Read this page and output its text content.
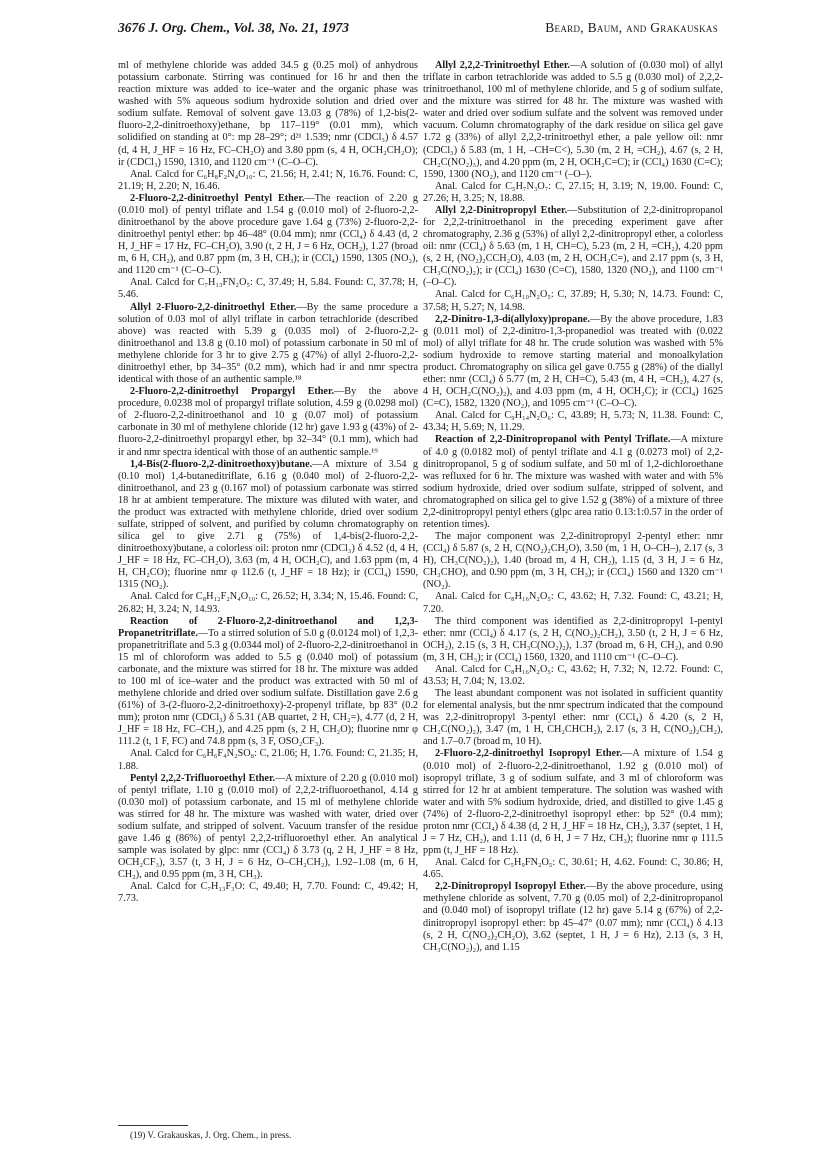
3676 J. Org. Chem., Vol. 38, No. 21, 1973	Beard, Baum, and Grakauskas

ml of methylene chloride was added 34.5 g (0.25 mol) of anhydrous potassium carbonate. Stirring was continued for 16 hr and then the reaction mixture was added to ice–water and the organic phase was washed with 5% aqueous sodium hydroxide solution and dried over sodium sulfate. Removal of solvent gave 13.03 g (78%) of 1,2-bis(2-fluoro-2,2-dinitroethoxy)ethane, bp 117–119° (0.01 mm), which solidified on standing at 0°: mp 28–29°; d²¹ 1.539; nmr (CDCl₃) δ 4.57 (d, 4 H, J_HF = 16 Hz, FC–CH₂O) and 3.80 ppm (s, 4 H, OCH₂CH₂O); ir (CDCl₃) 1590, 1310, and 1120 cm⁻¹ (C–O–C).

Anal. Calcd for C₆H₈F₂N₄O₁₀: C, 21.56; H, 2.41; N, 16.76. Found: C, 21.19; H, 2.20; N, 16.46.

2-Fluoro-2,2-dinitroethyl Pentyl Ether.—The reaction of 2.20 g (0.010 mol) of pentyl triflate and 1.54 g (0.010 mol) of 2-fluoro-2,2-dinitroethanol by the above procedure gave 1.64 g (73%) 2-fluoro-2,2-dinitroethyl pentyl ether: bp 46–48° (0.04 mm); nmr (CCl₄) δ 4.43 (d, 2 H, J_HF = 17 Hz, FC–CH₂O), 3.90 (t, 2 H, J = 6 Hz, OCH₂), 1.27 (broad m, 6 H, CH₂), and 0.87 ppm (m, 3 H, CH₃); ir (CCl₄) 1590, 1305 (NO₂), and 1120 cm⁻¹ (C–O–C).

Anal. Calcd for C₇H₁₃FN₂O₅: C, 37.49; H, 5.84. Found: C, 37.78; H, 5.46.

Allyl 2-Fluoro-2,2-dinitroethyl Ether.—By the same procedure a solution of 0.03 mol of allyl triflate in carbon tetrachloride (described above) was reacted with 5.39 g (0.035 mol) of 2-fluoro-2,2-dinitroethanol and 13.8 g (0.10 mol) of potassium carbonate in 50 ml of methylene chloride for 3 hr to give 2.75 g (47%) of allyl 2-fluoro-2,2-dinitroethyl ether, bp 34–35° (0.2 mm), which had ir and nmr spectra identical with those of an authentic sample.¹⁸

2-Fluoro-2,2-dinitroethyl Propargyl Ether.—By the above procedure, 0.0238 mol of propargyl triflate solution, 4.59 g (0.0298 mol) of 2-fluoro-2,2-dinitroethanol and 10 g (0.07 mol) of potassium carbonate in 30 ml of methylene chloride (12 hr) gave 1.93 g (43%) of 2-fluoro-2,2-dinitroethyl propargyl ether, bp 32–34° (0.1 mm), which had ir and nmr spectra identical with those of an authentic sample.¹⁹

1,4-Bis(2-fluoro-2,2-dinitroethoxy)butane.—A mixture of 3.54 g (0.10 mol) 1,4-butaneditriflate, 6.16 g (0.040 mol) of 2-fluoro-2,2-dinitroethanol, and 23 g (0.167 mol) of potassium carbonate was stirred 18 hr at ambient temperature. The mixture was diluted with water, and the product was extracted with methylene chloride, dried over sodium sulfate, stripped of solvent, and purified by column chromatography on silica gel to give 2.71 g (75%) of 1,4-bis(2-fluoro-2,2-dinitroethoxy)butane, a colorless oil: proton nmr (CDCl₃) δ 4.52 (d, 4 H, J_HF = 18 Hz, FC–CH₂O), 3.63 (m, 4 H, OCH₂C), and 1.63 ppm (m, 4 H, CH₂CO); fluorine nmr φ 112.6 (t, J_HF = 18 Hz); ir (CCl₄) 1590, 1315 (NO₂).

Anal. Calcd for C₈H₁₂F₂N₄O₁₀: C, 26.52; H, 3.34; N, 15.46. Found: C, 26.82; H, 3.24; N, 14.93.

Reaction of 2-Fluoro-2,2-dinitroethanol and 1,2,3-Propanetritriflate.—To a stirred solution of 5.0 g (0.0124 mol) of 1,2,3-propanetritriflate and 5.3 g (0.0344 mol) of 2-fluoro-2,2-dinitroethanol in 15 ml of chloroform was added to 5.5 g (0.040 mol) of potassium carbonate, and the mixture was stirred for 18 hr. The mixture was added to 100 ml of ice–water and the product was extracted with 50 ml of methylene chloride and dried over sodium sulfate. Distillation gave 2.6 g (61%) of 3-(2-fluoro-2,2-dinitroethoxy)-2-propenyl triflate, bp 83° (0.2 mm); proton nmr (CDCl₃) δ 5.31 (AB quartet, 2 H, CH₂=), 4.77 (d, 2 H, J_HF = 18 Hz, FC–CH₂), and 4.25 ppm (s, 2 H, CH₂O); fluorine nmr φ 111.2 (t, 1 F, FC) and 74.8 ppm (s, 3 F, OSO₂CF₃).

Anal. Calcd for C₆H₆F₄N₂SO₈: C, 21.06; H, 1.76. Found: C, 21.35; H, 1.88.

Pentyl 2,2,2-Trifluoroethyl Ether.—A mixture of 2.20 g (0.010 mol) of pentyl triflate, 1.10 g (0.010 mol) of 2,2,2-trifluoroethanol, 4.14 g (0.030 mol) of potassium carbonate, and 15 ml of methylene chloride was stirred for 48 hr. The mixture was washed with water, dried over sodium sulfate, and stripped of solvent. Vacuum transfer of the residue gave 1.46 g (86%) of pentyl 2,2,2-trifluoroethyl ether. An analytical sample was isolated by glpc: nmr (CCl₄) δ 3.73 (q, 2 H, J_HF = 8 Hz, OCH₂CF₃), 3.57 (t, 3 H, J = 6 Hz, O–CH₂CH₂), 1.92–1.08 (m, 6 H, CH₂), and 0.95 ppm (m, 3 H, CH₃).

Anal. Calcd for C₇H₁₃F₃O: C, 49.40; H, 7.70. Found: C, 49.42; H, 7.73.

Allyl 2,2,2-Trinitroethyl Ether.—A solution of (0.030 mol) of allyl triflate in carbon tetrachloride was added to 5.5 g (0.030 mol) of 2,2,2-trinitroethanol, 100 ml of methylene chloride, and 5 g of sodium sulfate, and the mixture was stirred for 48 hr. The mixture was washed with water and dried over sodium sulfate and the solvent was removed under vacuum. Column chromatography of the dark residue on silica gel gave 1.72 g (33%) of allyl 2,2,2-trinitroethyl ether, a pale yellow oil: nmr (CDCl₃) δ 5.83 (m, 1 H, –CH=C<), 5.30 (m, 2 H, =CH₂), 4.67 (s, 2 H, CH₂C(NO₂)₃), and 4.20 ppm (m, 2 H, OCH₂C=C); ir (CCl₄) 1630 (C=C); 1590, 1300 (NO₂), and 1120 cm⁻¹ (–O–).

Anal. Calcd for C₅H₇N₃O₇: C, 27.15; H, 3.19; N, 19.00. Found: C, 27.26; H, 3.25; N, 18.88.

Allyl 2,2-Dinitropropyl Ether.—Substitution of 2,2-dinitropropanol for 2,2,2-trinitroethanol in the preceding experiment gave after chromatography, 2.36 g (53%) of allyl 2,2-dinitropropyl ether, a colorless oil: nmr (CCl₄) δ 5.63 (m, 1 H, CH=C), 5.23 (m, 2 H, =CH₂), 4.20 ppm (s, 2 H, (NO₂)₂CCH₂O), 4.03 (m, 2 H, OCH₂C=), and 2.17 ppm (s, 3 H, CH₃C(NO₂)₂); ir (CCl₄) 1630 (C=C), 1580, 1320 (NO₂), and 1100 cm⁻¹ (–O–C).

Anal. Calcd for C₆H₁₀N₂O₅: C, 37.89; H, 5.30; N, 14.73. Found: C, 37.58; H, 5.27; N, 14.98.

2,2-Dinitro-1,3-di(allyloxy)propane.—By the above procedure, 1.83 g (0.011 mol) of 2,2-dinitro-1,3-propanediol was treated with (0.022 mol) of allyl triflate for 48 hr. The crude solution was washed with 5% sodium hydroxide to remove starting material and monoalkylation product. Chromatography on silica gel gave 0.755 g (28%) of the diallyl ether: nmr (CCl₄) δ 5.77 (m, 2 H, CH=C), 5.43 (m, 4 H, =CH₂), 4.27 (s, 4 H, OCH₂C(NO₂)₂), and 4.03 ppm (m, 4 H, OCH₂C); ir (CCl₄) 1625 (C=C), 1582, 1320 (NO₂), and 1095 cm⁻¹ (C–O–C).

Anal. Calcd for C₉H₁₄N₂O₆: C, 43.89; H, 5.73; N, 11.38. Found: C, 43.34; H, 5.69; N, 11.29.

Reaction of 2,2-Dinitropropanol with Pentyl Triflate.—A mixture of 4.0 g (0.0182 mol) of pentyl triflate and 4.1 g (0.0273 mol) of 2,2-dinitropropanol, 5 g of sodium sulfate, and 50 ml of 1,2-dichloroethane was refluxed for 6 hr. The mixture was washed with water and with 5% sodium hydroxide, dried over sodium sulfate, stripped of solvent, and chromatographed on silica gel to give 1.52 g (38%) of a mixture of three 2,2-dinitropropyl pentyl ethers (glpc area ratio 0.13:1:0.57 in the order of retention times).

The major component was 2,2-dinitropropyl 2-pentyl ether: nmr (CCl₄) δ 5.87 (s, 2 H, C(NO₂)₂CH₂O), 3.50 (m, 1 H, O–CH–), 2.17 (s, 3 H), CH₃C(NO₂)₂), 1.40 (broad m, 4 H, CH₂), 1.15 (d, 3 H, J = 6 Hz, CH₃CHO), and 0.90 ppm (m, 3 H, CH₃); ir (CCl₄) 1560 and 1320 cm⁻¹ (NO₂).

Anal. Calcd for C₈H₁₆N₂O₅: C, 43.62; H, 7.32. Found: C, 43.21; H, 7.20.

The third component was identified as 2,2-dinitropropyl 1-pentyl ether: nmr (CCl₄) δ 4.17 (s, 2 H, C(NO₂)₂CH₂), 3.50 (t, 2 H, J = 6 Hz, OCH₂), 2.15 (s, 3 H, CH₃C(NO₂)₂), 1.37 (broad m, 6 H, CH₂), and 0.90 (m, 3 H, CH₃); ir (CCl₄) 1560, 1320, and 1110 cm⁻¹ (C–O–C).

Anal. Calcd for C₈H₁₆N₂O₅: C, 43.62; H, 7.32; N, 12.72. Found: C, 43.53; H, 7.04; N, 13.02.

The least abundant component was not isolated in sufficient quantity for elemental analysis, but the nmr spectrum indicated that the compound was 2,2-dinitropropyl 3-pentyl ether: nmr (CCl₄) δ 4.20 (s, 2 H, CH₂C(NO₂)₂), 3.47 (m, 1 H, CH₂CHCH₂), 2.17 (s, 3 H, C(NO₂)₂CH₂), and 1.7–0.7 (broad m, 10 H).

2-Fluoro-2,2-dinitroethyl Isopropyl Ether.—A mixture of 1.54 g (0.010 mol) of 2-fluoro-2,2-dinitroethanol, 1.92 g (0.010 mol) of isopropyl triflate, 3 g of sodium sulfate, and 3 ml of chloroform was stirred for 12 hr at ambient temperature. The solution was washed with water and with 5% sodium hydroxide, dried, and distilled to give 1.45 g (74%) of 2-fluoro-2,2-dinitroethyl isopropyl ether: bp 52° (0.4 mm); proton nmr (CCl₄) δ 4.38 (d, 2 H, J_HF = 18 Hz, CH₂), 3.37 (septet, 1 H, J = 7 Hz, CH₂), and 1.11 (d, 6 H, J = 7 Hz, CH₃); fluorine nmr φ 111.5 ppm (t, J_HF = 18 Hz).

Anal. Calcd for C₅H₉FN₂O₅: C, 30.61; H, 4.62. Found: C, 30.86; H, 4.65.

2,2-Dinitropropyl Isopropyl Ether.—By the above procedure, using methylene chloride as solvent, 7.70 g (0.05 mol) of 2,2-dinitropropanol and (0.040 mol) of isopropyl triflate (12 hr) gave 5.14 g (67%) of 2,2-dinitropropyl isopropyl ether: bp 45–47° (0.07 mm); nmr (CCl₄) δ 4.13 (s, 2 H, C(NO₂)₂CH₂O), 3.62 (septet, 1 H, J = 6 Hz), 2.13 (s, 3 H, CH₃C(NO₂)₂), and 1.15

(19) V. Grakauskas, J. Org. Chem., in press.
